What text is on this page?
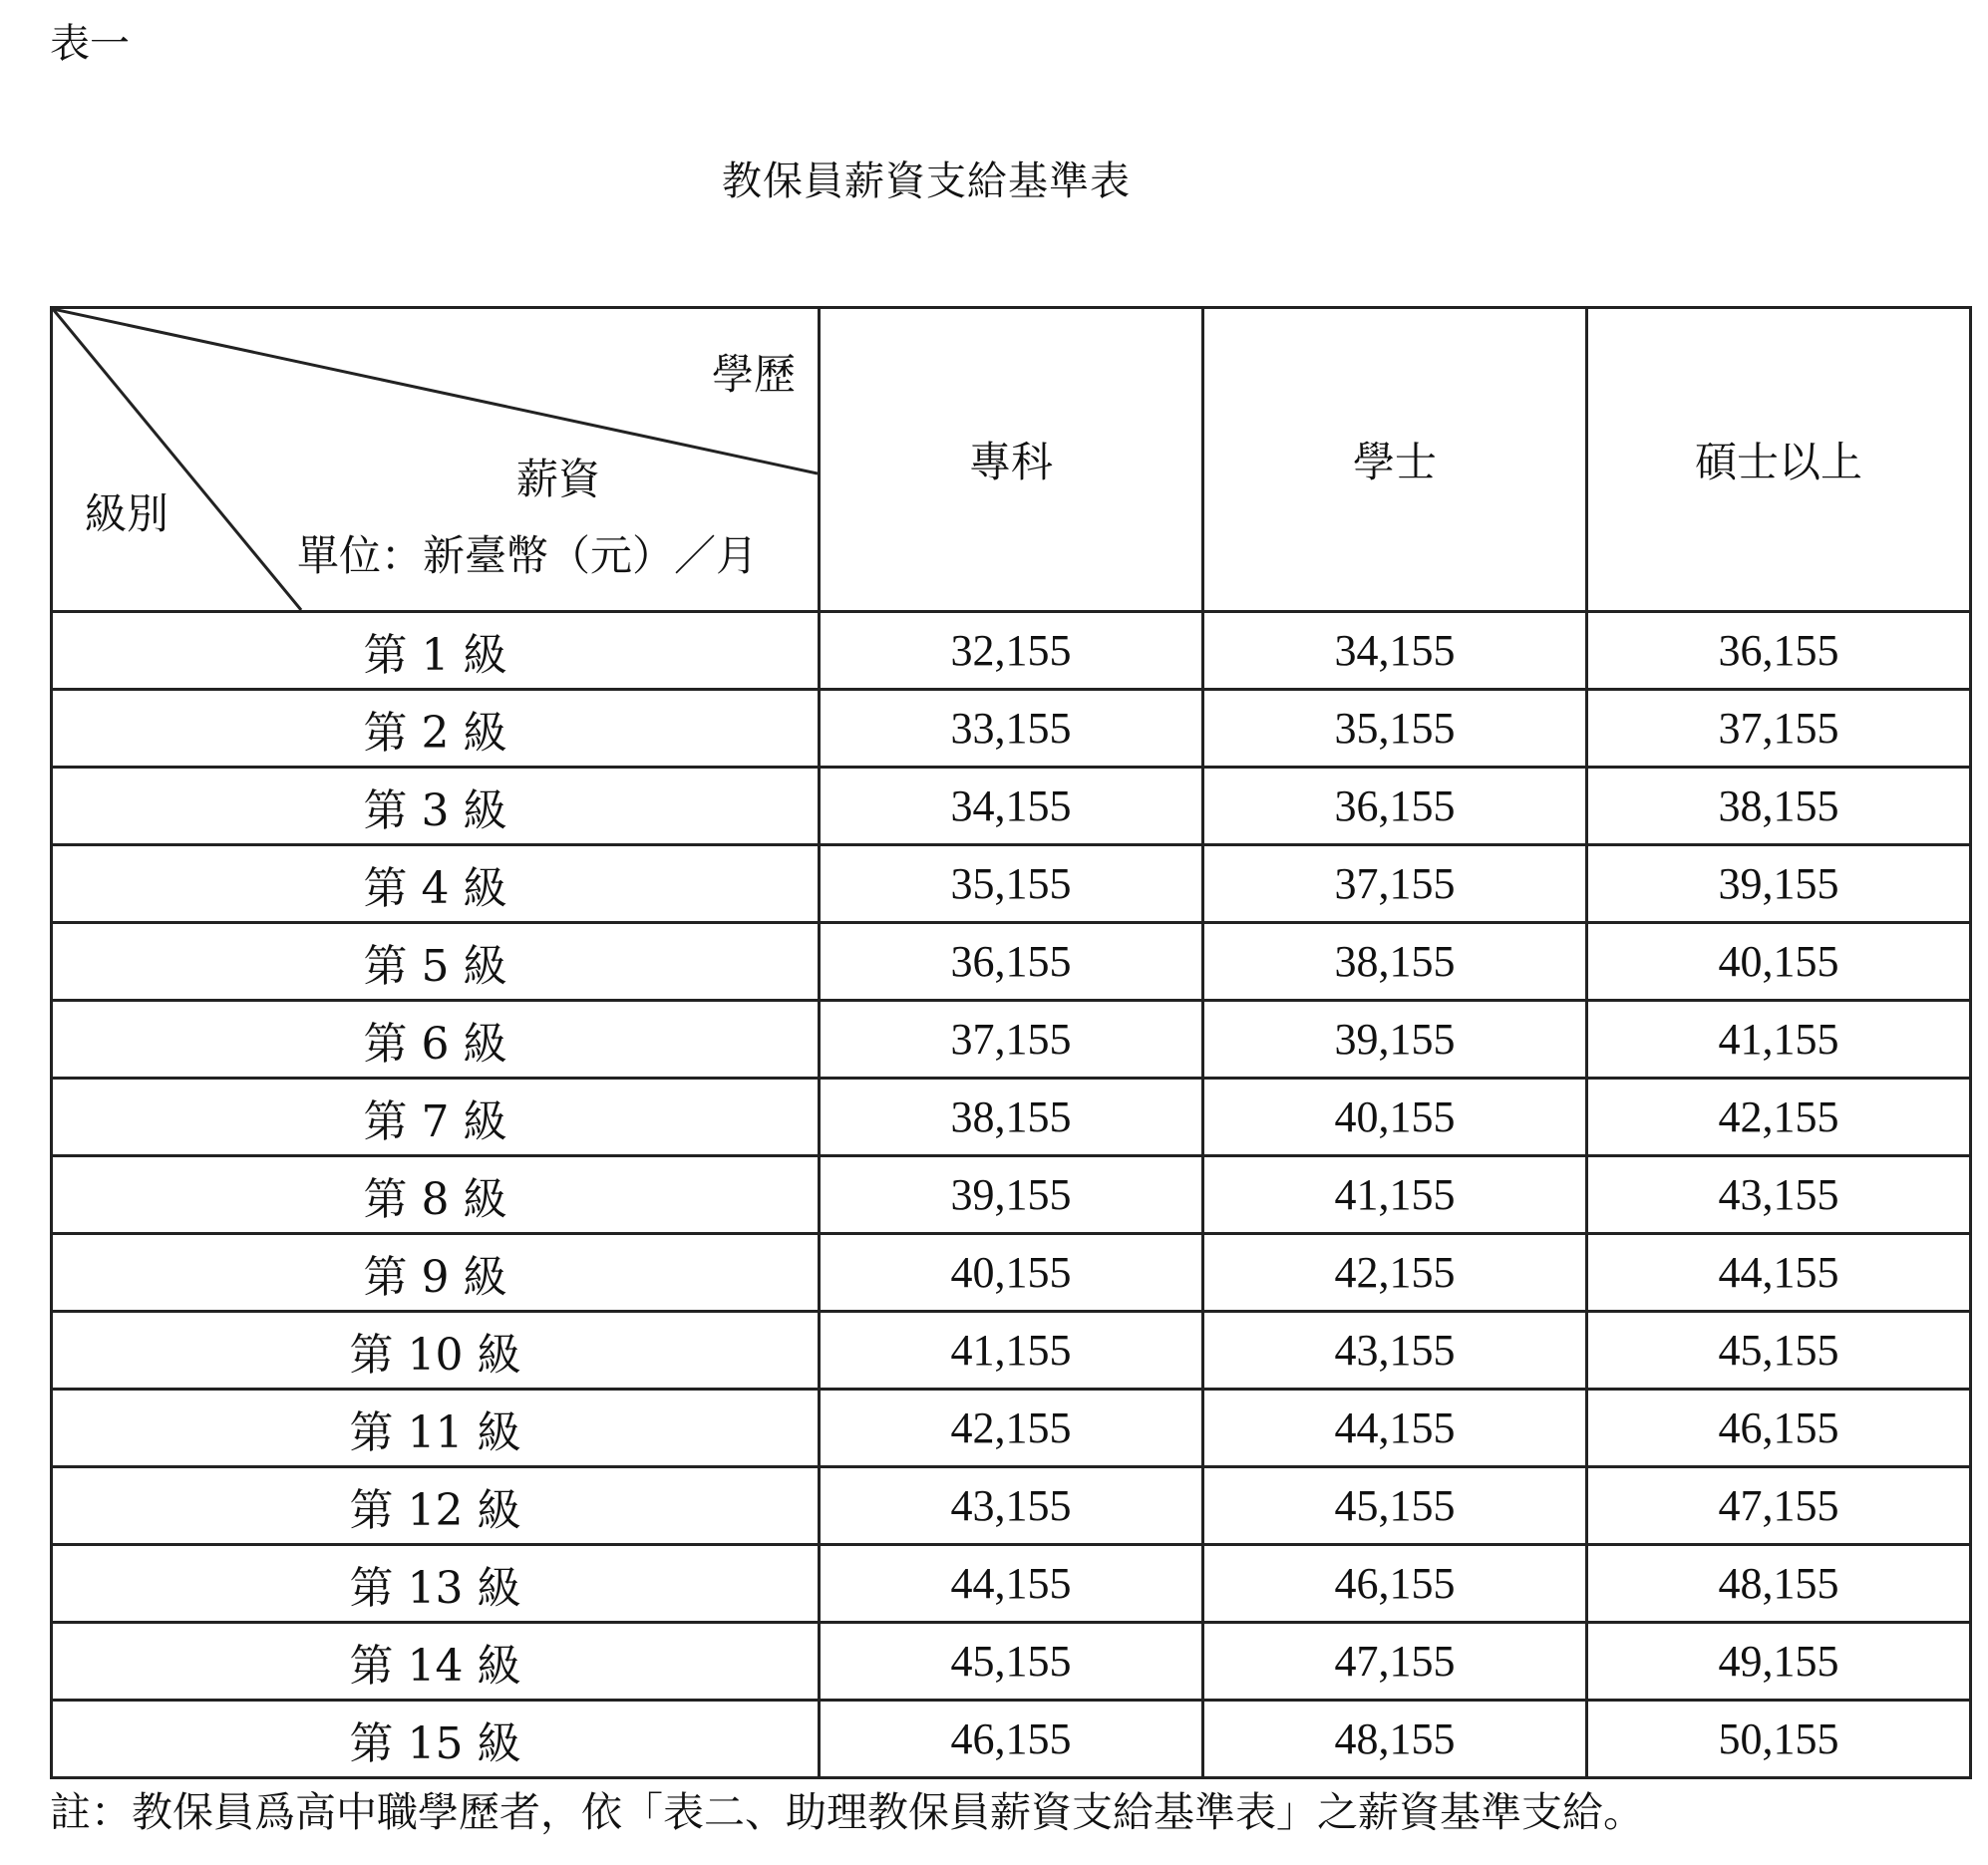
表一
教保員薪資支給基準表
學歷
薪資
單位：新臺幣（元）／月
級別	專科	學士	碩士以上
第 1 級	32,155	34,155	36,155
第 2 級	33,155	35,155	37,155
第 3 級	34,155	36,155	38,155
第 4 級	35,155	37,155	39,155
第 5 級	36,155	38,155	40,155
第 6 級	37,155	39,155	41,155
第 7 級	38,155	40,155	42,155
第 8 級	39,155	41,155	43,155
第 9 級	40,155	42,155	44,155
第 10 級	41,155	43,155	45,155
第 11 級	42,155	44,155	46,155
第 12 級	43,155	45,155	47,155
第 13 級	44,155	46,155	48,155
第 14 級	45,155	47,155	49,155
第 15 級	46,155	48,155	50,155
註：教保員爲高中職學歷者，依「表二、助理教保員薪資支給基準表」之薪資基準支給。
